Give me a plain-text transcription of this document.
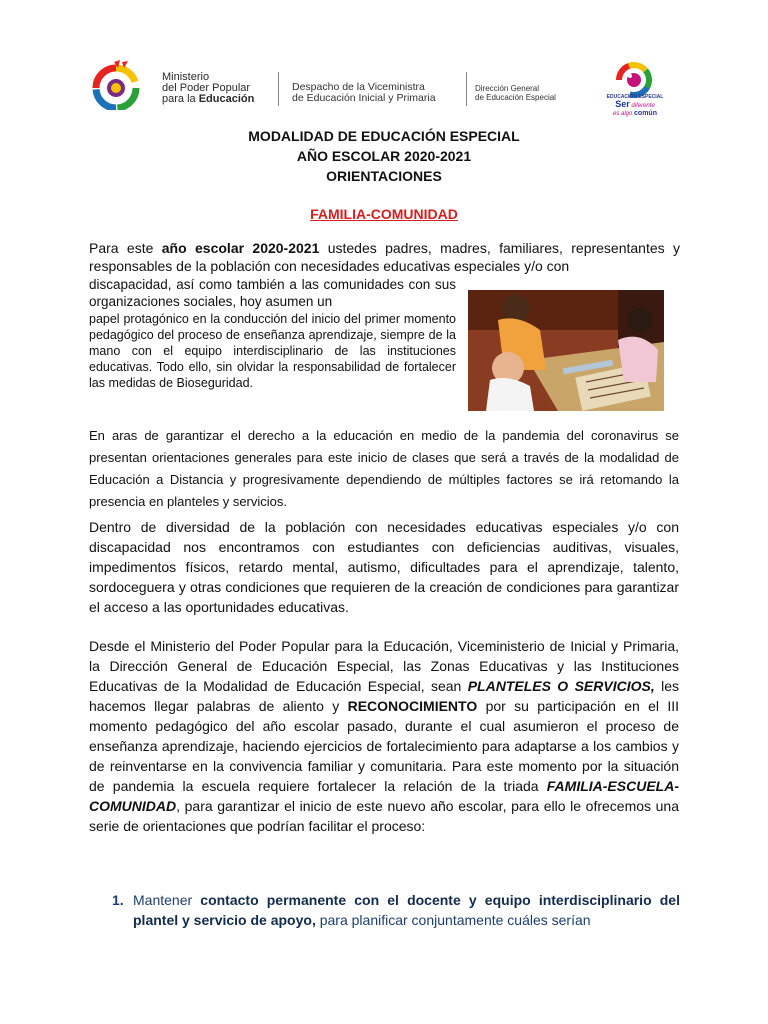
Ministerio
del Poder Popular
para la Educación
Despacho de la Viceministra
de Educación Inicial y Primaria
Dirección General
de Educación Especial	EDUCACIÓN ESPECIAL
Ser diferente
es algo común
MODALIDAD DE EDUCACIÓN ESPECIAL
AÑO ESCOLAR 2020-2021
ORIENTACIONES
FAMILIA-COMUNIDAD
Para este año escolar 2020-2021 ustedes padres, madres, familiares, representantes y responsables de la población con necesidades educativas especiales y/o con
discapacidad, así como también a las comunidades con sus organizaciones sociales, hoy asumen un
papel protagónico en la conducción del inicio del primer momento pedagógico del proceso de enseñanza aprendizaje, siempre de la mano con el equipo interdisciplinario de las instituciones educativas. Todo ello, sin olvidar la responsabilidad de fortalecer las medidas de Bioseguridad.
En aras de garantizar el derecho a la educación en medio de la pandemia del coronavirus se presentan orientaciones generales para este inicio de clases que será a través de la modalidad de Educación a Distancia y progresivamente dependiendo de múltiples factores se irá retomando la presencia en planteles y servicios.
Dentro de diversidad de la población con necesidades educativas especiales y/o con discapacidad nos encontramos con estudiantes con deficiencias auditivas, visuales, impedimentos físicos, retardo mental, autismo, dificultades para el aprendizaje, talento, sordoceguera y otras condiciones que requieren de la creación de condiciones para garantizar el acceso a las oportunidades educativas.
Desde el Ministerio del Poder Popular para la Educación, Viceministerio de Inicial y Primaria, la Dirección General de Educación Especial, las Zonas Educativas y las Instituciones Educativas de la Modalidad de Educación Especial, sean PLANTELES O SERVICIOS, les hacemos llegar palabras de aliento y RECONOCIMIENTO por su participación en el III momento pedagógico del año escolar pasado, durante el cual asumieron el proceso de enseñanza aprendizaje, haciendo ejercicios de fortalecimiento para adaptarse a los cambios y de reinventarse en la convivencia familiar y comunitaria. Para este momento por la situación de pandemia la escuela requiere fortalecer la relación de la triada FAMILIA-ESCUELA-COMUNIDAD, para garantizar el inicio de este nuevo año escolar, para ello le ofrecemos una serie de orientaciones que podrían facilitar el proceso:
1. Mantener contacto permanente con el docente y equipo interdisciplinario del plantel y servicio de apoyo, para planificar conjuntamente cuáles serían
